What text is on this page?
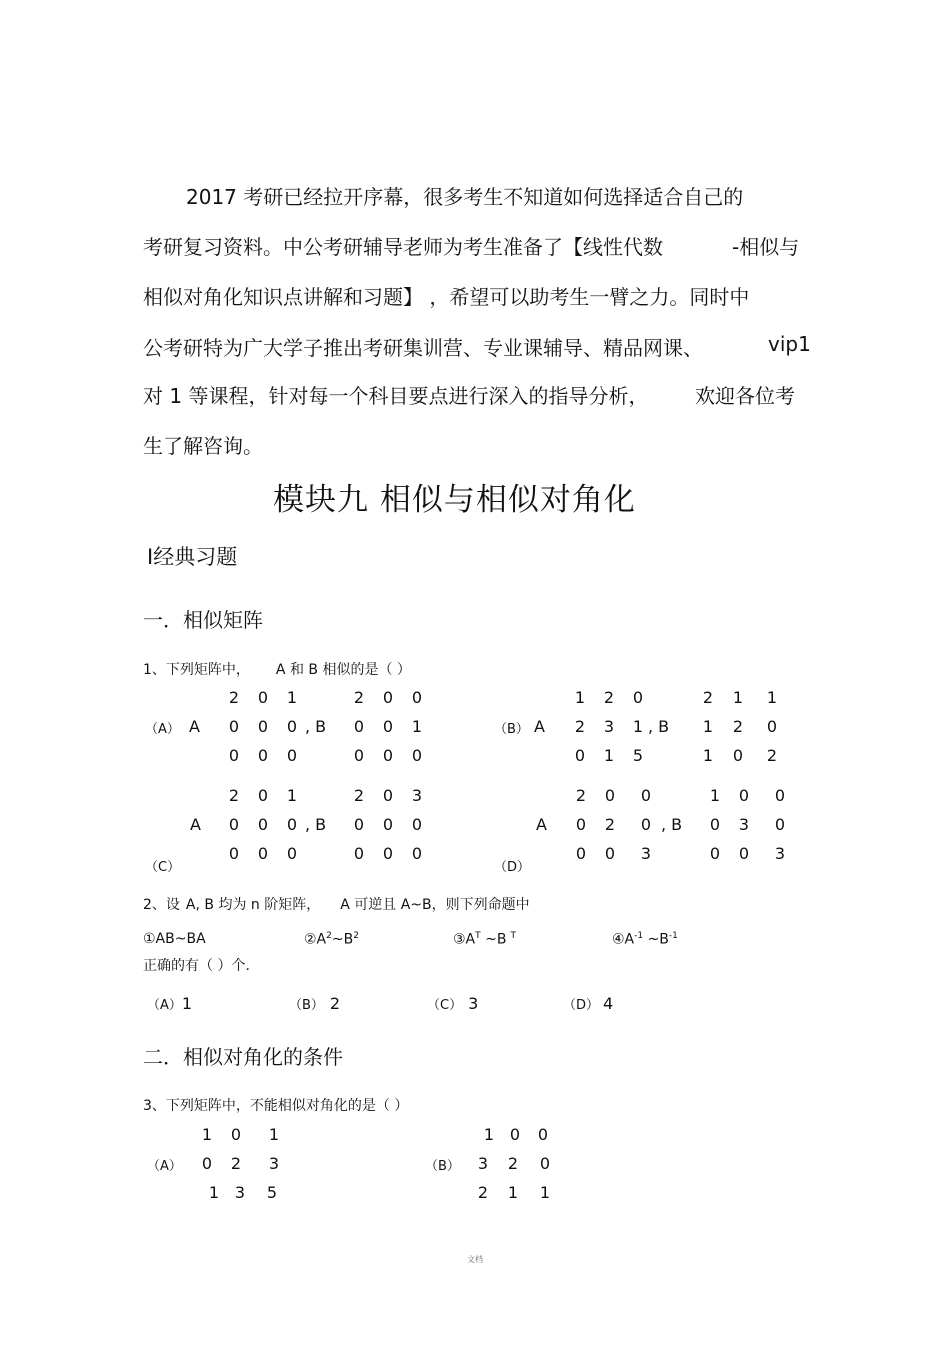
2017 考研已经拉开序幕，很多考生不知道如何选择适合自己的
考研复习资料。中公考研辅导老师为考生准备了【线性代数	-相似与
相似对角化知识点讲解和习题】 ，希望可以助考生一臂之力。同时中
公考研特为广大学子推出考研集训营、专业课辅导、精品网课、	vip1
对 1 等课程，针对每一个科目要点进行深入的指导分析， 欢迎各位考
生了解咨询。
模块九 相似与相似对角化
Ⅰ经典习题
一．相似矩阵
1、下列矩阵中， A 和 B 相似的是（ ）
（A） A	, B
2	0	1
0	0	0
0	0	0
2	0	0
0	0	1
0	0	0
（B） A	, B
1	2	0
2	3	1
0	1	5
2	1	1
1	2	0
1	0	2
（C）
A	, B
2	0	1
0	0	0
0	0	0
2	0	3
0	0	0
0	0	0
（D）
A	, B
2	0	0
0	2	0
0	0	3
1	0	0
0	3	0
0	0	3
2、设 A, B 均为 n 阶矩阵， A 可逆且 A~B，则下列命题中
①AB~BA	$②A^2\sim B^2$	$③A^T$ ~B $^T$	$④A^{-1}$ $\sim B^{-1}$
正确的有（ ）个．
（A）1	（B） 2	（C） 3	（D） 4
二．相似对角化的条件
3、下列矩阵中，不能相似对角化的是（ ）
（A）
1	0	1
0	2	3
1 3	5
（B）
1 0	0
3	2	0
2	1	1
文档
